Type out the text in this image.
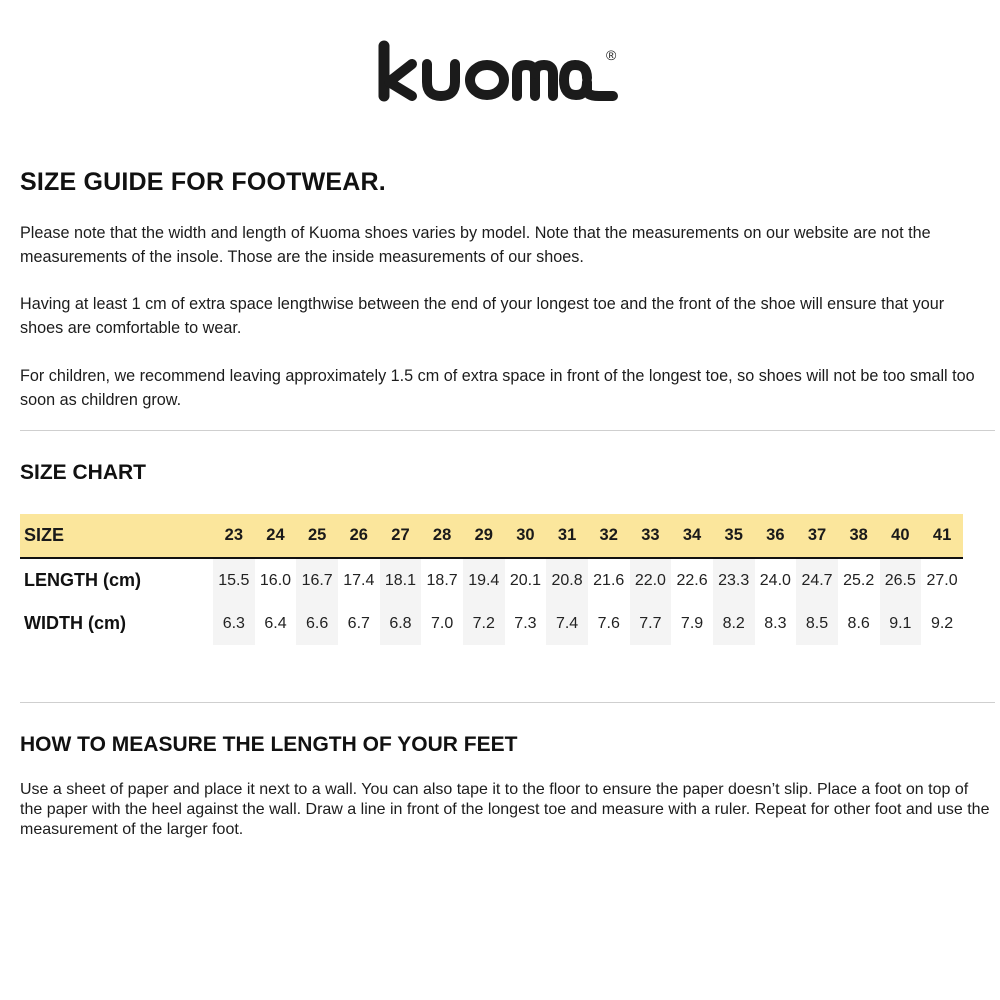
®
SIZE GUIDE FOR FOOTWEAR.

Please note that the width and length of Kuoma shoes varies by model. Note that the measurements on our website are not the measurements of the insole. Those are the inside measurements of our shoes.

Having at least 1 cm of extra space lengthwise between the end of your longest toe and the front of the shoe will ensure that your shoes are comfortable to wear.

For children, we recommend leaving approximately 1.5 cm of extra space in front of the longest toe, so shoes will not be too small too soon as children grow.

SIZE CHART
SIZE	23	24	25	26	27	28	29	30	31	32	33	34	35	36	37	38	40	41
LENGTH (cm)	15.5	16.0	16.7	17.4	18.1	18.7	19.4	20.1	20.8	21.6	22.0	22.6	23.3	24.0	24.7	25.2	26.5	27.0
WIDTH (cm)	6.3	6.4	6.6	6.7	6.8	7.0	7.2	7.3	7.4	7.6	7.7	7.9	8.2	8.3	8.5	8.6	9.1	9.2
HOW TO MEASURE THE LENGTH OF YOUR FEET

Use a sheet of paper and place it next to a wall. You can also tape it to the floor to ensure the paper doesn’t slip. Place a foot on top of the paper with the heel against the wall. Draw a line in front of the longest toe and measure with a ruler. Repeat for other foot and use the measurement of the larger foot.
